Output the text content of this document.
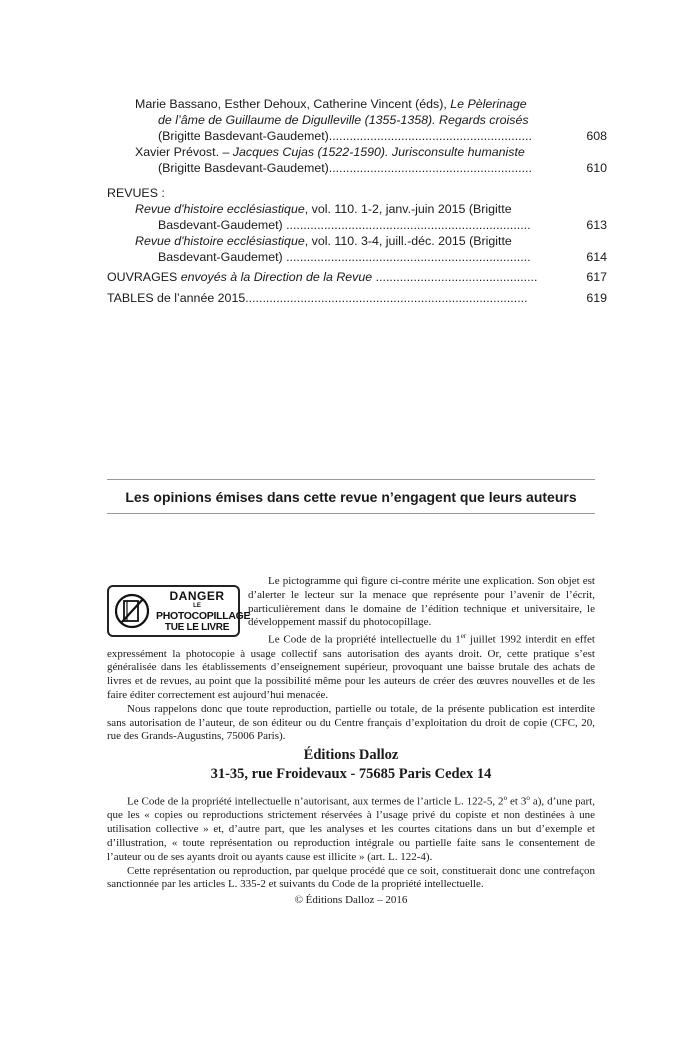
Marie Bassano, Esther Dehoux, Catherine Vincent (éds), Le Pèlerinage
de l’âme de Guillaume de Digulleville (1355-1358). Regards croisés
(Brigitte Basdevant-Gaudemet)...........................................................	608
Xavier Prévost. – Jacques Cujas (1522-1590). Jurisconsulte humaniste
(Brigitte Basdevant-Gaudemet)...........................................................	610
REVUES :
Revue d'histoire ecclésiastique, vol. 110. 1-2, janv.-juin 2015 (Brigitte
Basdevant-Gaudemet) .......................................................................	613
Revue d'histoire ecclésiastique, vol. 110. 3-4, juill.-déc. 2015 (Brigitte
Basdevant-Gaudemet) .......................................................................	614
OUVRAGES envoyés à la Direction de la Revue ...............................................	617
TABLES de l’année 2015..................................................................................	619
Les opinions émises dans cette revue n’engagent que leurs auteurs
DANGER
LE
PHOTOCOPILLAGE
TUE LE LIVRE

Le pictogramme qui figure ci-contre mérite une explication. Son objet est d’alerter le lecteur sur la menace que représente pour l’avenir de l’écrit, particulièrement dans le domaine de l’édition technique et universitaire, le développement massif du photocopillage.

Le Code de la propriété intellectuelle du 1er juillet 1992 interdit en effet expressément la photocopie à usage collectif sans autorisation des ayants droit. Or, cette pratique s’est généralisée dans les établissements d’enseignement supérieur, provoquant une baisse brutale des achats de livres et de revues, au point que la possibilité même pour les auteurs de créer des œuvres nouvelles et de les faire éditer correctement est aujourd’hui menacée.

Nous rappelons donc que toute reproduction, partielle ou totale, de la présente publication est interdite sans autorisation de l’auteur, de son éditeur ou du Centre français d’exploitation du droit de copie (CFC, 20, rue des Grands-Augustins, 75006 Paris).

Éditions Dalloz
31-35, rue Froidevaux - 75685 Paris Cedex 14

Le Code de la propriété intellectuelle n’autorisant, aux termes de l’article L. 122-5, 2$^o$ et 3$^o$ a), d’une part, que les « copies ou reproductions strictement réservées à l’usage privé du copiste et non destinées à une utilisation collective » et, d’autre part, que les analyses et les courtes citations dans un but d’exemple et d’illustration, « toute représentation ou reproduction intégrale ou partielle faite sans le consentement de l’auteur ou de ses ayants droit ou ayants cause est illicite » (art. L. 122-4).

Cette représentation ou reproduction, par quelque procédé que ce soit, constituerait donc une contrefaçon sanctionnée par les articles L. 335-2 et suivants du Code de la propriété intellectuelle.

© Éditions Dalloz – 2016
